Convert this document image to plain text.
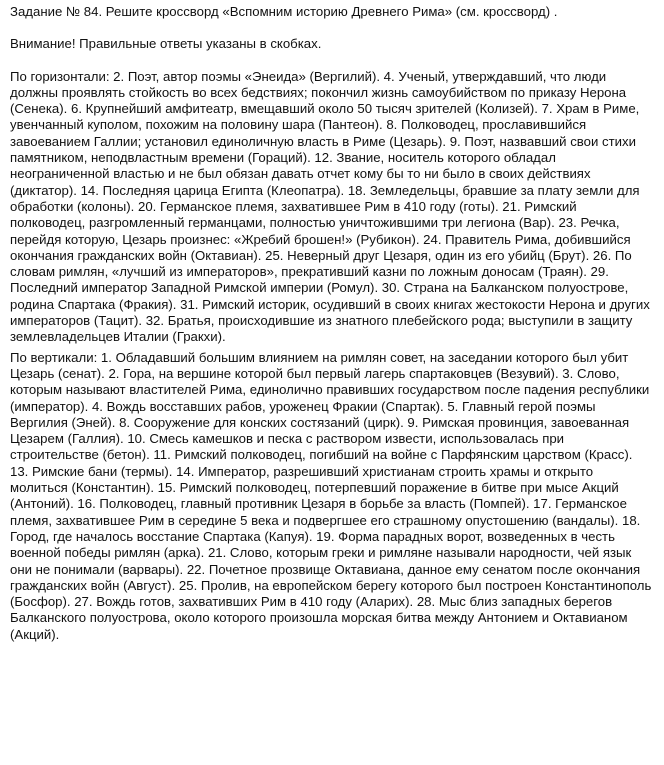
Задание № 84. Решите кроссворд «Вспомним историю Древнего Рима» (см. кроссворд) .

Внимание! Правильные ответы указаны в скобках.

По горизонтали: 2. Поэт, автор поэмы «Энеида» (Вергилий). 4. Ученый, утверждавший, что люди должны проявлять стойкость во всех бедствиях; покончил жизнь самоубийством по приказу Нерона (Сенека). 6. Крупнейший амфитеатр, вмещавший около 50 тысяч зрителей (Колизей). 7. Храм в Риме, увенчанный куполом, похожим на половину шара (Пантеон). 8. Полководец, прославившийся завоеванием Галлии; установил единоличную власть в Риме (Цезарь). 9. Поэт, назвавший свои стихи памятником, неподвластным времени (Гораций). 12. Звание, носитель которого обладал неограниченной властью и не был обязан давать отчет кому бы то ни было в своих действиях (диктатор). 14. Последняя царица Египта (Клеопатра). 18. Земледельцы, бравшие за плату земли для обработки (колоны). 20. Германское племя, захватившее Рим в 410 году (готы). 21. Римский полководец, разгромленный германцами, полностью уничтожившими три легиона (Вар). 23. Речка, перейдя которую, Цезарь произнес: «Жребий брошен!» (Рубикон). 24. Правитель Рима, добившийся окончания гражданских войн (Октавиан). 25. Неверный друг Цезаря, один из его убийц (Брут). 26. По словам римлян, «лучший из императоров», прекративший казни по ложным доносам (Траян). 29. Последний император Западной Римской империи (Ромул). 30. Страна на Балканском полуострове, родина Спартака (Фракия). 31. Римский историк, осудивший в своих книгах жестокости Нерона и других императоров (Тацит). 32. Братья, происходившие из знатного плебейского рода; выступили в защиту землевладельцев Италии (Гракхи).

По вертикали: 1. Обладавший большим влиянием на римлян совет, на заседании которого был убит Цезарь (сенат). 2. Гора, на вершине которой был первый лагерь спартаковцев (Везувий). 3. Слово, которым называют властителей Рима, единолично правивших государством после падения республики (император). 4. Вождь восставших рабов, уроженец Фракии (Спартак). 5. Главный герой поэмы Вергилия (Эней). 8. Сооружение для конских состязаний (цирк). 9. Римская провинция, завоеванная Цезарем (Галлия). 10. Смесь камешков и песка с раствором извести, использовалась при строительстве (бетон). 11. Римский полководец, погибший на войне с Парфянским царством (Красс). 13. Римские бани (термы). 14. Император, разрешивший христианам строить храмы и открыто молиться (Константин). 15. Римский полководец, потерпевший поражение в битве при мысе Акций (Антоний). 16. Полководец, главный противник Цезаря в борьбе за власть (Помпей). 17. Германское племя, захватившее Рим в середине 5 века и подвергшее его страшному опустошению (вандалы). 18. Город, где началось восстание Спартака (Капуя). 19. Форма парадных ворот, возведенных в честь военной победы римлян (арка). 21. Слово, которым греки и римляне называли народности, чей язык они не понимали (варвары). 22. Почетное прозвище Октавиана, данное ему сенатом после окончания гражданских войн (Август). 25. Пролив, на европейском берегу которого был построен Константинополь (Босфор). 27. Вождь готов, захвативших Рим в 410 году (Аларих). 28. Мыс близ западных берегов Балканского полуострова, около которого произошла морская битва между Антонием и Октавианом (Акций).
